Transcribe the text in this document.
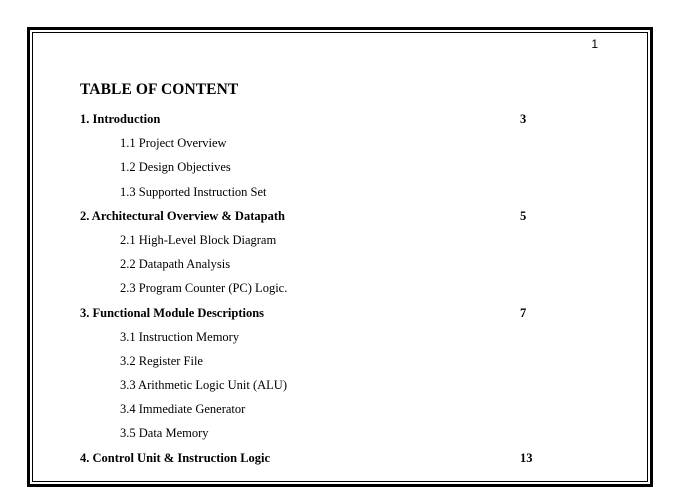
1
TABLE OF CONTENT
1. Introduction	3
1.1 Project Overview
1.2 Design Objectives
1.3 Supported Instruction Set
2. Architectural Overview & Datapath	5
2.1 High-Level Block Diagram
2.2 Datapath Analysis
2.3 Program Counter (PC) Logic.
3. Functional Module Descriptions	7
3.1 Instruction Memory
3.2 Register File
3.3 Arithmetic Logic Unit (ALU)
3.4 Immediate Generator
3.5 Data Memory
4. Control Unit & Instruction Logic	13
